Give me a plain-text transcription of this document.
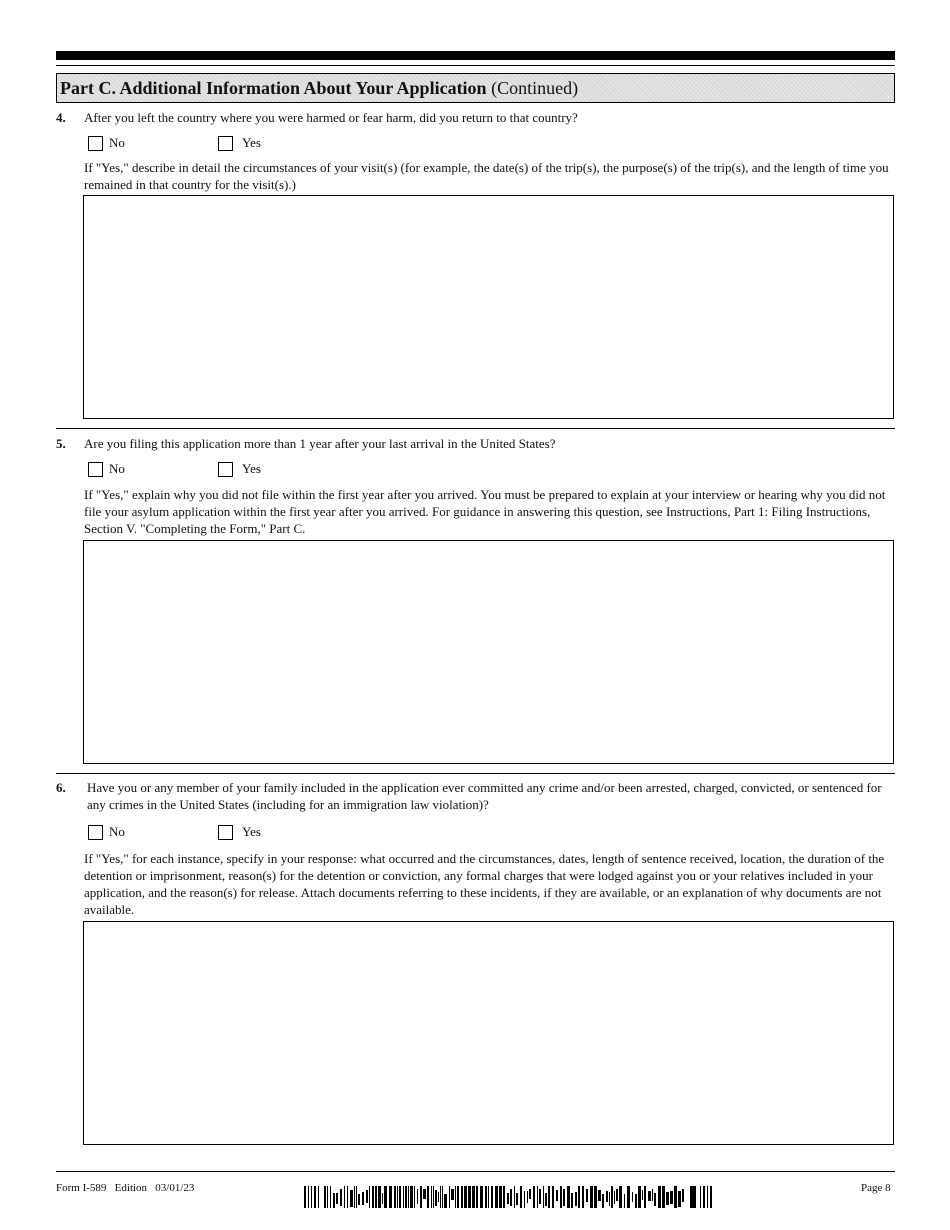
Part C. Additional Information About Your Application (Continued)
4. After you left the country where you were harmed or fear harm, did you return to that country?
No	Yes
If "Yes," describe in detail the circumstances of your visit(s) (for example, the date(s) of the trip(s), the purpose(s) of the trip(s), and the length of time you remained in that country for the visit(s).)
5. Are you filing this application more than 1 year after your last arrival in the United States?
No	Yes
If "Yes," explain why you did not file within the first year after you arrived. You must be prepared to explain at your interview or hearing why you did not file your asylum application within the first year after you arrived. For guidance in answering this question, see Instructions, Part 1: Filing Instructions, Section V. "Completing the Form," Part C.
6. Have you or any member of your family included in the application ever committed any crime and/or been arrested, charged, convicted, or sentenced for any crimes in the United States (including for an immigration law violation)?
No	Yes
If "Yes," for each instance, specify in your response: what occurred and the circumstances, dates, length of sentence received, location, the duration of the detention or imprisonment, reason(s) for the detention or conviction, any formal charges that were lodged against you or your relatives included in your application, and the reason(s) for release. Attach documents referring to these incidents, if they are available, or an explanation of why documents are not available.
Form I-589   Edition   03/01/23	Page 8
